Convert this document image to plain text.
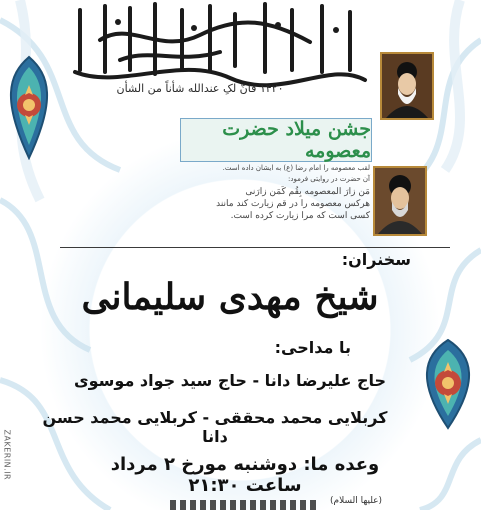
۱۴۲۰ فانّ لکِ عندالله شأناً من الشأن
جشن میلاد حضرت معصومه
لقب معصومه را امام رضا (ع) به ایشان داده است.
آن حضرت در روایتی فرمود:
مَن زارَ المعصومه بِقُم کَمَن زارَنی
هرکس معصومه را در قم زیارت کند مانند
کسی است که مرا زیارت کرده است.
سخنران:
شیخ مهدی سلیمانی
با مداحی:
حاج علیرضا دانا - حاج سید جواد موسوی
کربلایی محمد محققی - کربلایی محمد حسن دانا
وعده ما: دوشنبه مورخ ۲ مرداد ساعت ۲۱:۳۰
(علیها السلام)
ZAKERIN.IR
